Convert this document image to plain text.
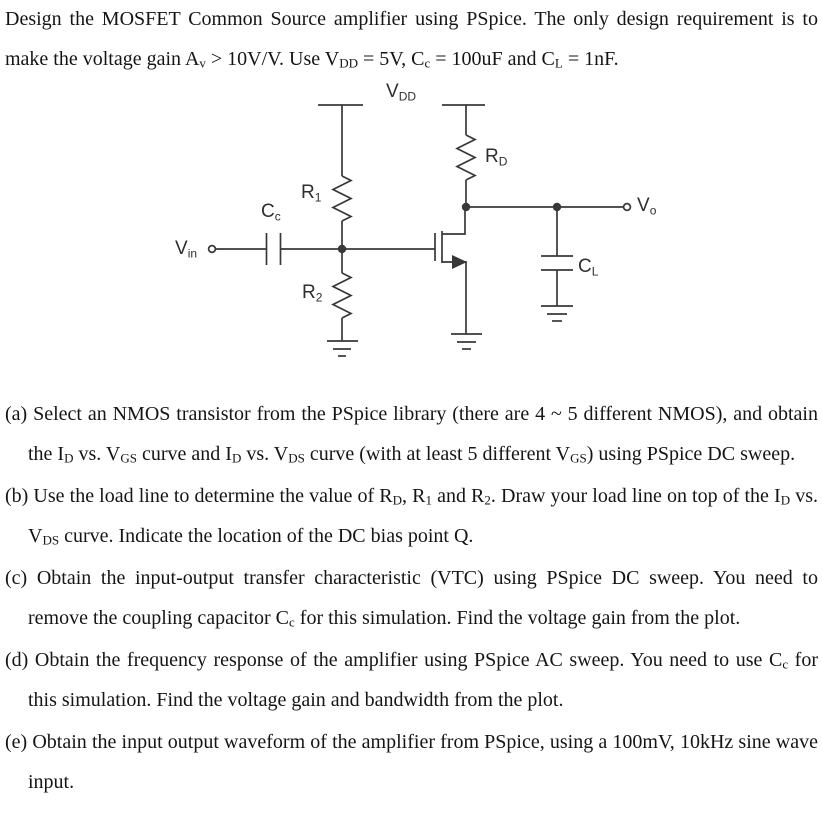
Design the MOSFET Common Source amplifier using PSpice. The only design requirement is to make the voltage gain $A_v > 10V/V$. Use $V_{DD} = 5V$, $C_c = 100uF$ and $C_L = 1nF$.

$V_{DD}$
$R_D$
$R_1$
$C_c$
$V_{in}$
$R_2$
$V_o$
$C_L$

(a) Select an NMOS transistor from the PSpice library (there are 4 ~ 5 different NMOS), and obtain the $I_D$ vs. $V_{GS}$ curve and $I_D$ vs. $V_{DS}$ curve (with at least 5 different $V_{GS}$) using PSpice DC sweep.

(b) Use the load line to determine the value of $R_D$, $R_1$ and $R_2$. Draw your load line on top of the $I_D$ vs. $V_{DS}$ curve. Indicate the location of the DC bias point Q.

(c) Obtain the input-output transfer characteristic (VTC) using PSpice DC sweep. You need to remove the coupling capacitor $C_c$ for this simulation. Find the voltage gain from the plot.

(d) Obtain the frequency response of the amplifier using PSpice AC sweep. You need to use $C_c$ for this simulation. Find the voltage gain and bandwidth from the plot.

(e) Obtain the input output waveform of the amplifier from PSpice, using a 100mV, 10kHz sine wave input.
